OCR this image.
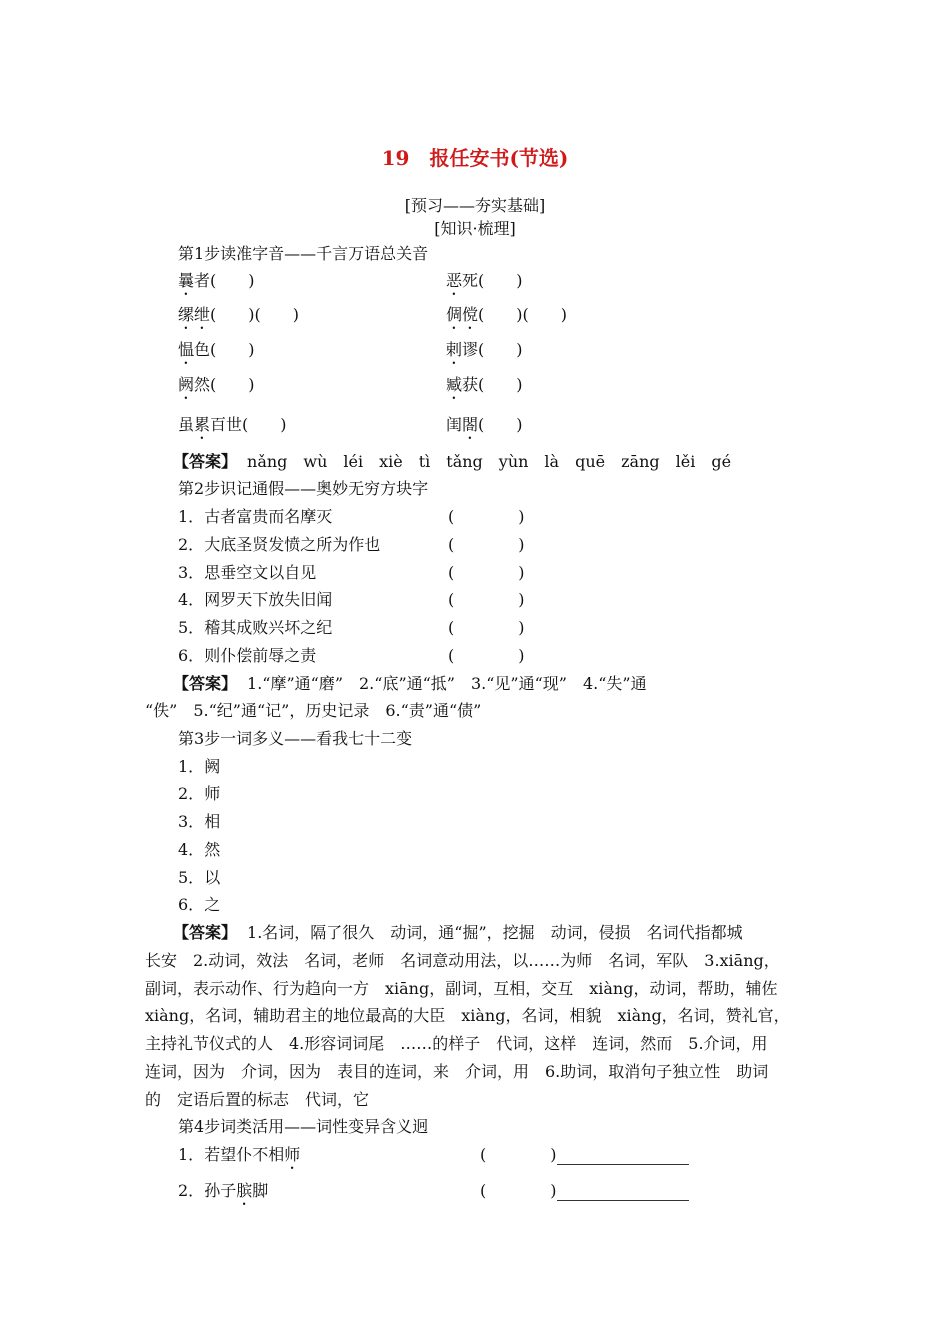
19　报任安书(节选)
[预习——夯实基础]
[知识·梳理]
第1步读准字音——千言万语总关音
曩者(　　)	恶死(　　)
缧绁(　　)(　　)	倜傥(　　)(　　)
愠色(　　)	剌谬(　　)
阙然(　　)	臧获(　　)
虽累百世(　　)	闺閤(　　)
【答案】 nǎng　wù　léi　xiè　tì　tǎng　yùn　là　quē　zāng　lěi　gé
第2步识记通假——奥妙无穷方块字
1．古者富贵而名摩灭	(　　　　)
2．大底圣贤发愤之所为作也	(　　　　)
3．思垂空文以自见	(　　　　)
4．网罗天下放失旧闻	(　　　　)
5．稽其成败兴坏之纪	(　　　　)
6．则仆偿前辱之责	(　　　　)
【答案】 1.“摩”通“磨”　2.“底”通“抵”　3.“见”通“现”　4.“失”通
“佚”　5.“纪”通“记”，历史记录　6.“责”通“债”
第3步一词多义——看我七十二变
1．阙
2．师
3．相
4．然
5．以
6．之
【答案】 1.名词，隔了很久　动词，通“掘”，挖掘　动词，侵损　名词代指都城
长安　2.动词，效法　名词，老师　名词意动用法，以……为师　名词，军队　3.xiāng，
副词，表示动作、行为趋向一方　xiāng，副词，互相，交互　xiàng，动词，帮助，辅佐
xiàng，名词，辅助君主的地位最高的大臣　xiàng，名词，相貌　xiàng，名词，赞礼官，
主持礼节仪式的人　4.形容词词尾　……的样子　代词，这样　连词，然而　5.介词，用
连词，因为　介词，因为　表目的连词，来　介词，用　6.助词，取消句子独立性　助词
的　定语后置的标志　代词，它
第4步词类活用——词性变异含义迥
1．若望仆不相师	(　　　　)
2．孙子膑脚	(　　　　)
